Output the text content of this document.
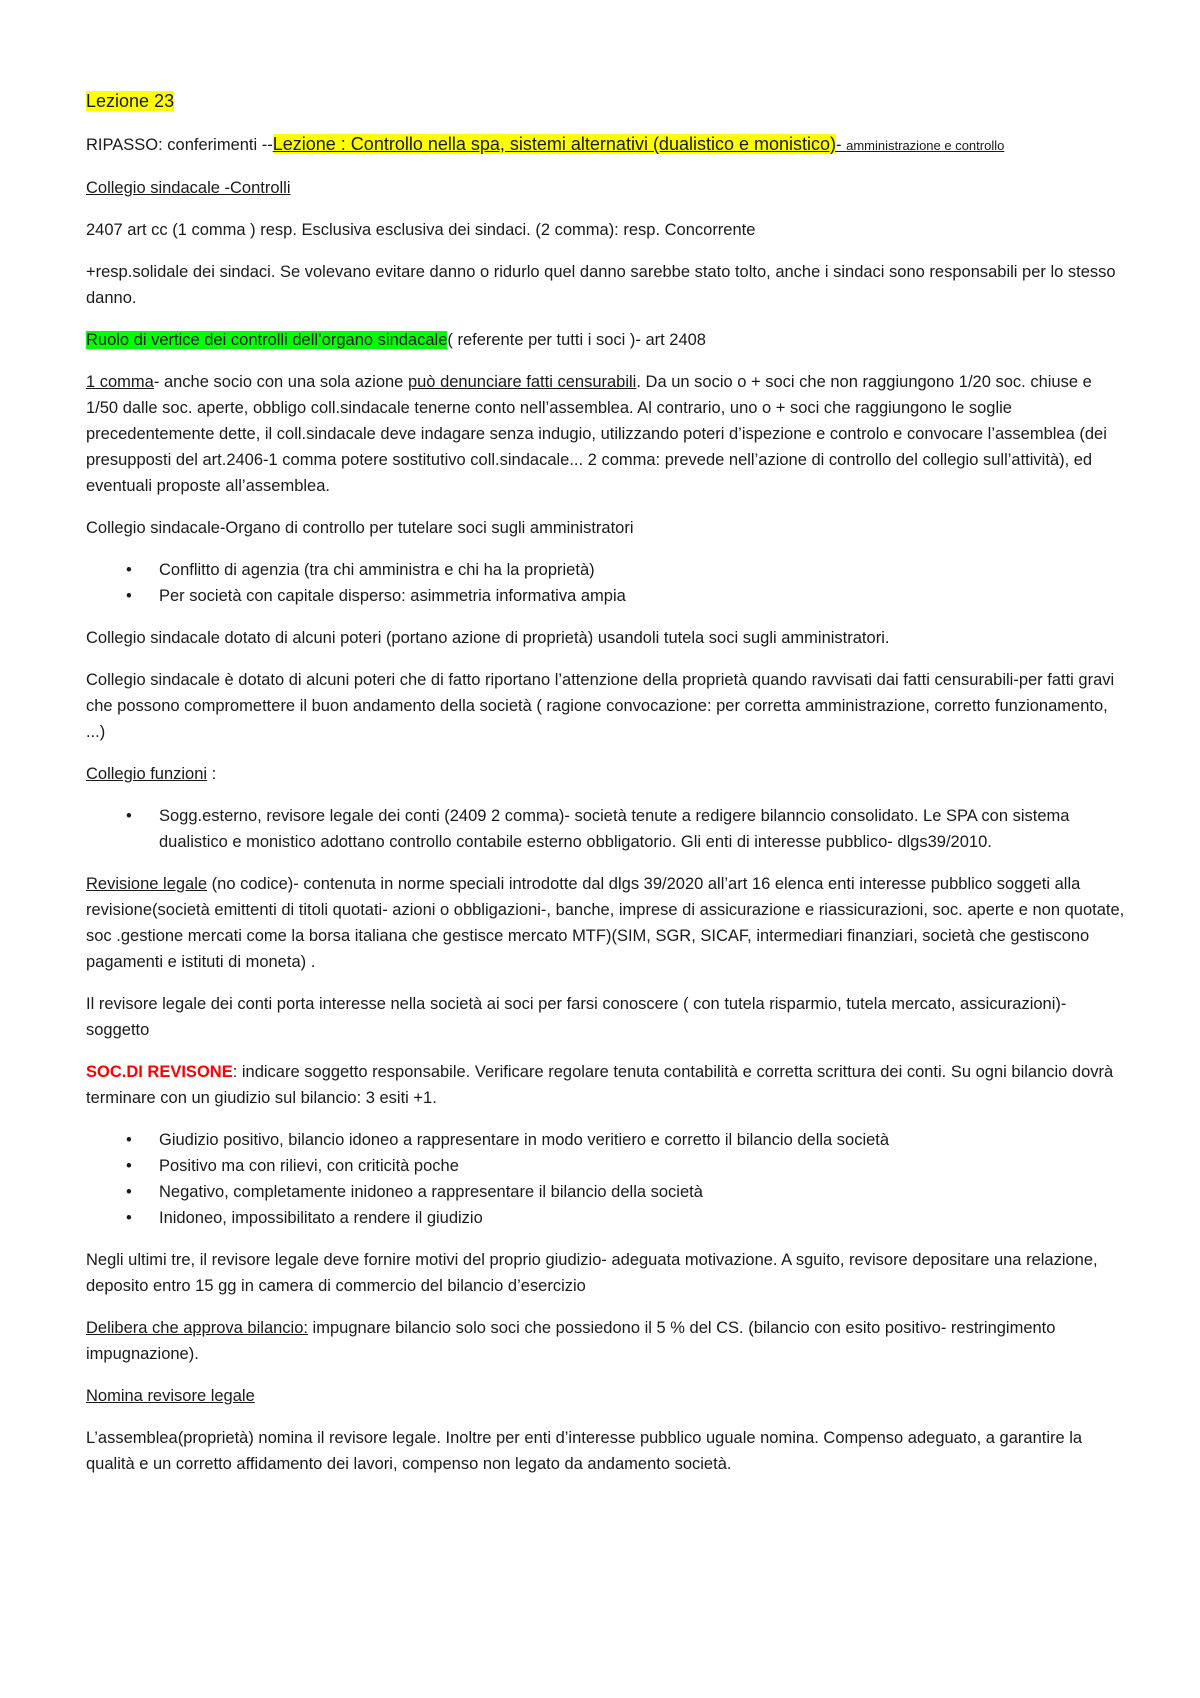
Lezione 23

RIPASSO: conferimenti --Lezione : Controllo nella spa, sistemi alternativi (dualistico e monistico)- amministrazione e controllo

Collegio sindacale -Controlli

2407 art cc (1 comma ) resp. Esclusiva esclusiva dei sindaci. (2 comma): resp. Concorrente

+resp.solidale dei sindaci. Se volevano evitare danno o ridurlo quel danno sarebbe stato tolto, anche i sindaci sono responsabili per lo stesso danno.

Ruolo di vertice dei controlli dell’organo sindacale( referente per tutti i soci )- art 2408

1 comma- anche socio con una sola azione può denunciare fatti censurabili. Da un socio o + soci che non raggiungono 1/20 soc. chiuse e 1/50 dalle soc. aperte, obbligo coll.sindacale tenerne conto nell’assemblea. Al contrario, uno o + soci che raggiungono le soglie precedentemente dette, il coll.sindacale deve indagare senza indugio, utilizzando poteri d’ispezione e controlo e convocare l’assemblea (dei presupposti del art.2406-1 comma potere sostitutivo coll.sindacale... 2 comma: prevede nell’azione di controllo del collegio sull’attività), ed eventuali proposte all’assemblea.

Collegio sindacale-Organo di controllo per tutelare soci sugli amministratori

• Conflitto di agenzia (tra chi amministra e chi ha la proprietà)
• Per società con capitale disperso: asimmetria informativa ampia

Collegio sindacale dotato di alcuni poteri (portano azione di proprietà) usandoli tutela soci sugli amministratori.

Collegio sindacale è dotato di alcuni poteri che di fatto riportano l’attenzione della proprietà quando ravvisati dai fatti censurabili-per fatti gravi che possono compromettere il buon andamento della società ( ragione convocazione: per corretta amministrazione, corretto funzionamento, ...)

Collegio funzioni :

• Sogg.esterno, revisore legale dei conti (2409 2 comma)- società tenute a redigere bilanncio consolidato. Le SPA con sistema dualistico e monistico adottano controllo contabile esterno obbligatorio. Gli enti di interesse pubblico- dlgs39/2010.

Revisione legale (no codice)- contenuta in norme speciali introdotte dal dlgs 39/2020 all’art 16 elenca enti interesse pubblico soggeti alla revisione(società emittenti di titoli quotati- azioni o obbligazioni-, banche, imprese di assicurazione e riassicurazioni, soc. aperte e non quotate, soc .gestione mercati come la borsa italiana che gestisce mercato MTF)(SIM, SGR, SICAF, intermediari finanziari, società che gestiscono pagamenti e istituti di moneta) .

Il revisore legale dei conti porta interesse nella società ai soci per farsi conoscere ( con tutela risparmio, tutela mercato, assicurazioni)- soggetto

SOC.DI REVISONE: indicare soggetto responsabile. Verificare regolare tenuta contabilità e corretta scrittura dei conti. Su ogni bilancio dovrà terminare con un giudizio sul bilancio: 3 esiti +1.

• Giudizio positivo, bilancio idoneo a rappresentare in modo veritiero e corretto il bilancio della società
• Positivo ma con rilievi, con criticità poche
• Negativo, completamente inidoneo a rappresentare il bilancio della società
• Inidoneo, impossibilitato a rendere il giudizio

Negli ultimi tre, il revisore legale deve fornire motivi del proprio giudizio- adeguata motivazione. A sguito, revisore depositare una relazione, deposito entro 15 gg in camera di commercio del bilancio d’esercizio

Delibera che approva bilancio: impugnare bilancio solo soci che possiedono il 5 % del CS. (bilancio con esito positivo- restringimento impugnazione).

Nomina revisore legale

L’assemblea(proprietà) nomina il revisore legale. Inoltre per enti d’interesse pubblico uguale nomina. Compenso adeguato, a garantire la qualità e un corretto affidamento dei lavori, compenso non legato da andamento società.
